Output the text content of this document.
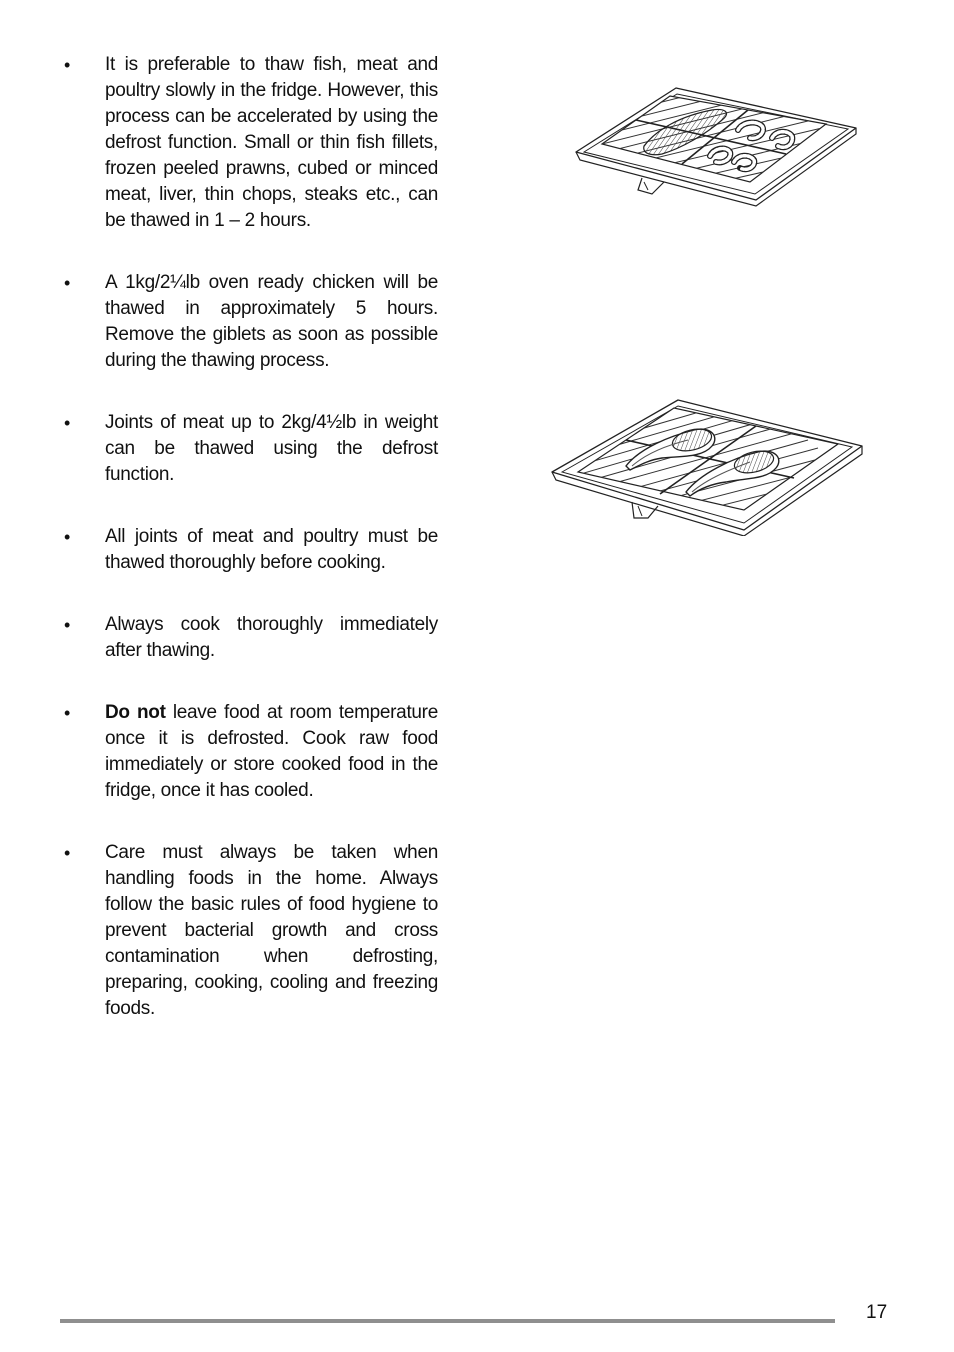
• It is preferable to thaw fish, meat and poultry slowly in the fridge. However, this process can be accelerated by using the defrost function. Small or thin fish fillets, frozen peeled prawns, cubed or minced meat, liver, thin chops, steaks etc., can be thawed in 1 – 2 hours.
• A 1kg/2¼lb oven ready chicken will be thawed in approximately 5 hours. Remove the giblets as soon as possible during the thawing process.
• Joints of meat up to 2kg/4½lb in weight can be thawed using the defrost function.
• All joints of meat and poultry must be thawed thoroughly before cooking.
• Always cook thoroughly immediately after thawing.
• Do not leave food at room temperature once it is defrosted. Cook raw food immediately or store cooked food in the fridge, once it has cooled.
• Care must always be taken when handling foods in the home. Always follow the basic rules of food hygiene to prevent bacterial growth and cross contamination when defrosting, preparing, cooking, cooling and freezing foods.
17
